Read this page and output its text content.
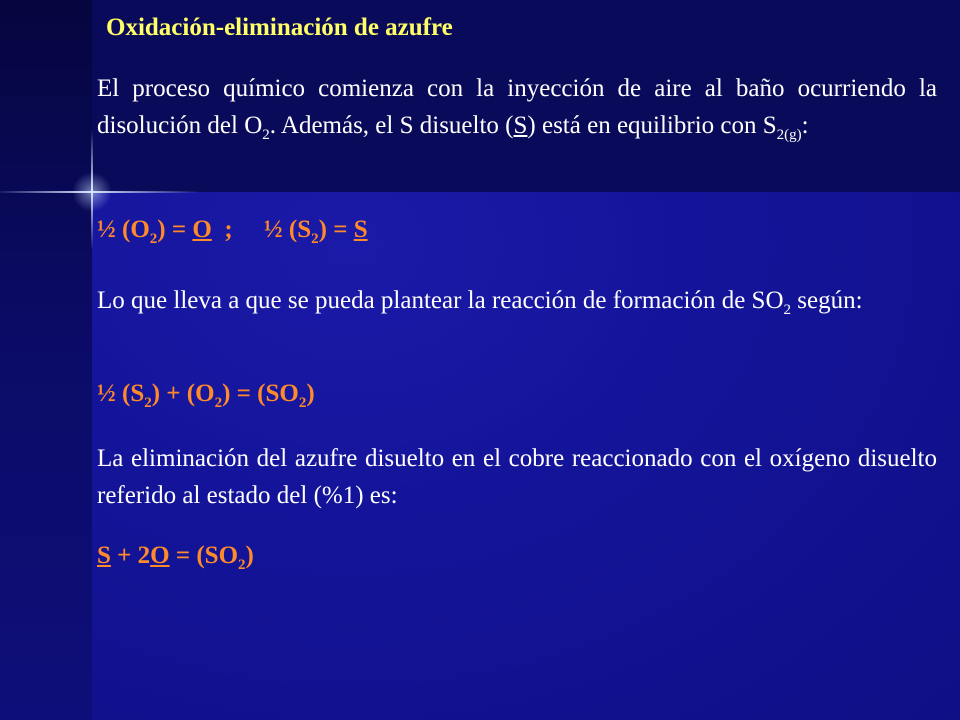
Oxidación-eliminación de azufre

El proceso químico comienza con la inyección de aire al baño ocurriendo la disolución del $O_2$. Además, el S disuelto (S) está en equilibrio con $S_{2(g)}$:

½ $(O_2) = O$  ;     ½ $(S_2) = S$

Lo que lleva a que se pueda plantear la reacción de formación de $SO_2$ según:

½ $(S_2) + (O_2) = (SO_2)$

La eliminación del azufre disuelto en el cobre reaccionado con el oxígeno disuelto referido al estado del (%1) es:

$S + 2O = (SO_2)$
